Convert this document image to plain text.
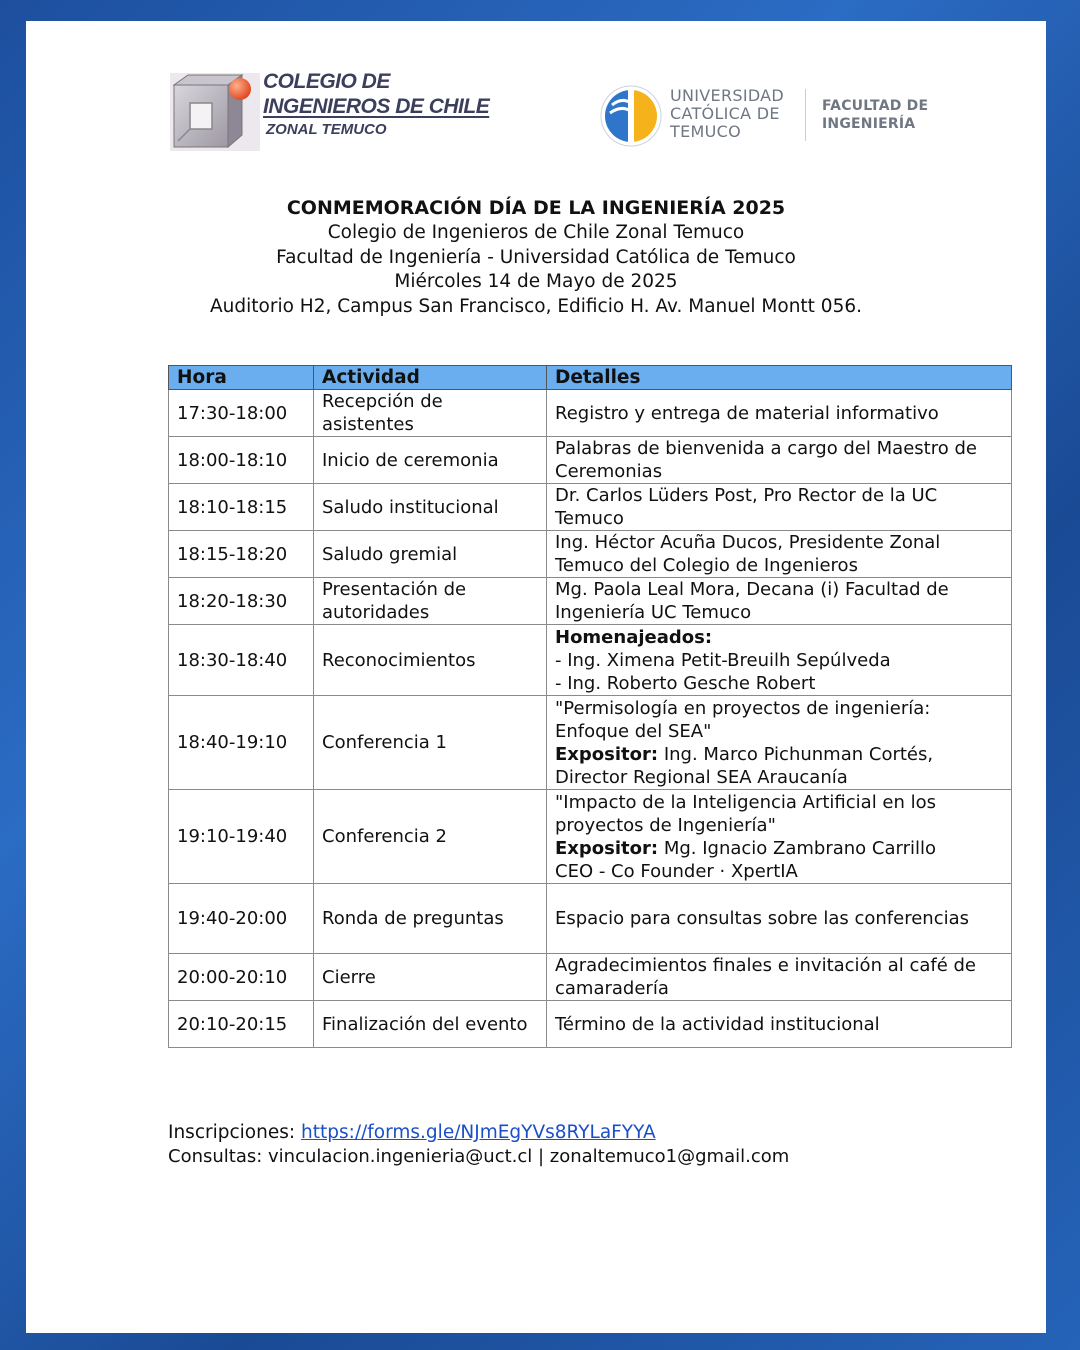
COLEGIO DE
INGENIEROS DE CHILE
ZONAL TEMUCO
UNIVERSIDAD
CATÓLICA DE
TEMUCO
FACULTAD DE
INGENIERÍA
CONMEMORACIÓN DÍA DE LA INGENIERÍA 2025
Colegio de Ingenieros de Chile Zonal Temuco
Facultad de Ingeniería - Universidad Católica de Temuco
Miércoles 14 de Mayo de 2025
Auditorio H2, Campus San Francisco, Edificio H. Av. Manuel Montt 056.
Hora	Actividad	Detalles
17:30-18:00	Recepción de asistentes	Registro y entrega de material informativo
18:00-18:10	Inicio de ceremonia	Palabras de bienvenida a cargo del Maestro de Ceremonias
18:10-18:15	Saludo institucional	Dr. Carlos Lüders Post, Pro Rector de la UC Temuco
18:15-18:20	Saludo gremial	Ing. Héctor Acuña Ducos, Presidente Zonal Temuco del Colegio de Ingenieros
18:20-18:30	Presentación de autoridades	Mg. Paola Leal Mora, Decana (i) Facultad de Ingeniería UC Temuco
18:30-18:40	Reconocimientos	Homenajeados:
- Ing. Ximena Petit-Breuilh Sepúlveda
- Ing. Roberto Gesche Robert

18:40-19:10	Conferencia 1	"Permisología en proyectos de ingeniería: Enfoque del SEA"
Expositor: Ing. Marco Pichunman Cortés, Director Regional SEA Araucanía

19:10-19:40	Conferencia 2	"Impacto de la Inteligencia Artificial en los proyectos de Ingeniería"
Expositor: Mg. Ignacio Zambrano Carrillo
CEO - Co Founder · XpertIA

19:40-20:00	Ronda de preguntas	Espacio para consultas sobre las conferencias
20:00-20:10	Cierre	Agradecimientos finales e invitación al café de camaradería
20:10-20:15	Finalización del evento	Término de la actividad institucional
Inscripciones: https://forms.gle/NJmEgYVs8RYLaFYYA
Consultas: vinculacion.ingenieria@uct.cl | zonaltemuco1@gmail.com
